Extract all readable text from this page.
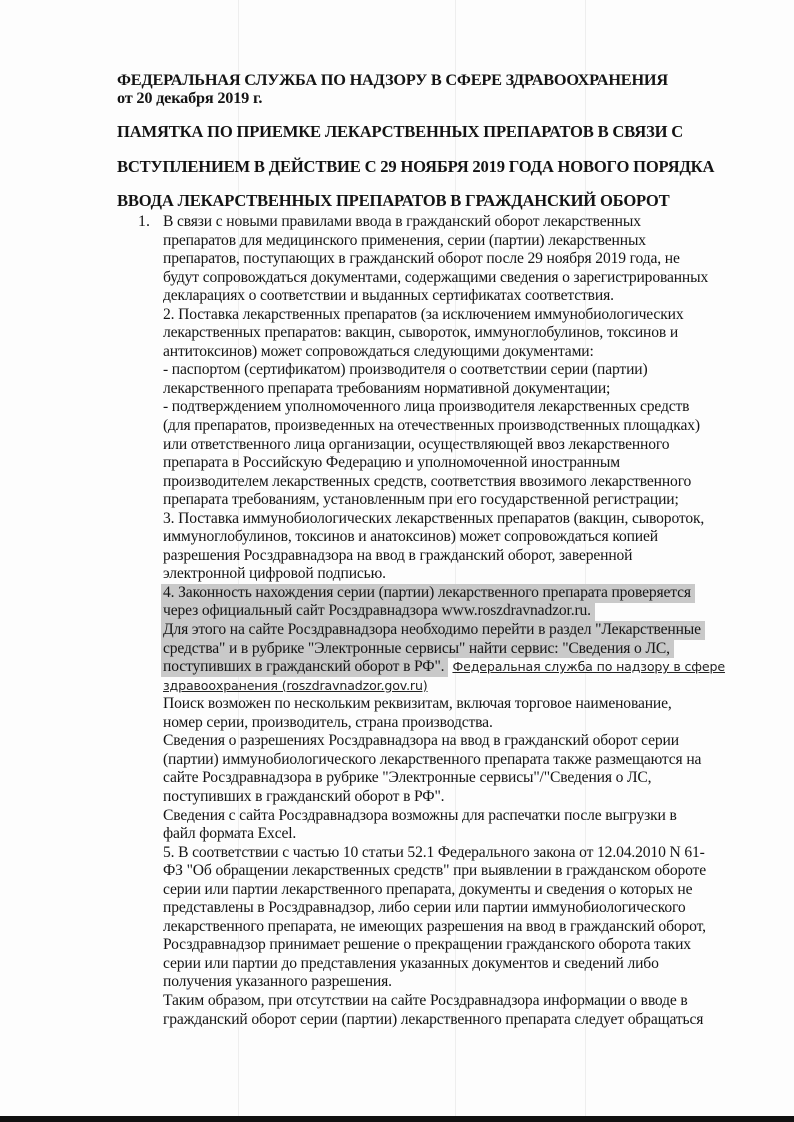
ФЕДЕРАЛЬНАЯ СЛУЖБА ПО НАДЗОРУ В СФЕРЕ ЗДРАВООХРАНЕНИЯ
от 20 декабря 2019 г.
ПАМЯТКА ПО ПРИЕМКЕ ЛЕКАРСТВЕННЫХ ПРЕПАРАТОВ В СВЯЗИ С
ВСТУПЛЕНИЕМ В ДЕЙСТВИЕ С 29 НОЯБРЯ 2019 ГОДА НОВОГО ПОРЯДКА
ВВОДА ЛЕКАРСТВЕННЫХ ПРЕПАРАТОВ В ГРАЖДАНСКИЙ ОБОРОТ
1. В связи с новыми правилами ввода в гражданский оборот лекарственных
препаратов для медицинского применения, серии (партии) лекарственных
препаратов, поступающих в гражданский оборот после 29 ноября 2019 года, не
будут сопровождаться документами, содержащими сведения о зарегистрированных
декларациях о соответствии и выданных сертификатах соответствия.
2. Поставка лекарственных препаратов (за исключением иммунобиологических
лекарственных препаратов: вакцин, сывороток, иммуноглобулинов, токсинов и
антитоксинов) может сопровождаться следующими документами:
- паспортом (сертификатом) производителя о соответствии серии (партии)
лекарственного препарата требованиям нормативной документации;
- подтверждением уполномоченного лица производителя лекарственных средств
(для препаратов, произведенных на отечественных производственных площадках)
или ответственного лица организации, осуществляющей ввоз лекарственного
препарата в Российскую Федерацию и уполномоченной иностранным
производителем лекарственных средств, соответствия ввозимого лекарственного
препарата требованиям, установленным при его государственной регистрации;
3. Поставка иммунобиологических лекарственных препаратов (вакцин, сывороток,
иммуноглобулинов, токсинов и анатоксинов) может сопровождаться копией
разрешения Росздравнадзора на ввод в гражданский оборот, заверенной
электронной цифровой подписью.
4. Законность нахождения серии (партии) лекарственного препарата проверяется
через официальный сайт Росздравнадзора www.roszdravnadzor.ru.
Для этого на сайте Росздравнадзора необходимо перейти в раздел "Лекарственные
средства" и в рубрике "Электронные сервисы" найти сервис: "Сведения о ЛС,
поступивших в гражданский оборот в РФ". Федеральная служба по надзору в сфере
здравоохранения (roszdravnadzor.gov.ru)
Поиск возможен по нескольким реквизитам, включая торговое наименование,
номер серии, производитель, страна производства.
Сведения о разрешениях Росздравнадзора на ввод в гражданский оборот серии
(партии) иммунобиологического лекарственного препарата также размещаются на
сайте Росздравнадзора в рубрике "Электронные сервисы"/"Сведения о ЛС,
поступивших в гражданский оборот в РФ".
Сведения с сайта Росздравнадзора возможны для распечатки после выгрузки в
файл формата Excel.
5. В соответствии с частью 10 статьи 52.1 Федерального закона от 12.04.2010 N 61-
ФЗ "Об обращении лекарственных средств" при выявлении в гражданском обороте
серии или партии лекарственного препарата, документы и сведения о которых не
представлены в Росздравнадзор, либо серии или партии иммунобиологического
лекарственного препарата, не имеющих разрешения на ввод в гражданский оборот,
Росздравнадзор принимает решение о прекращении гражданского оборота таких
серии или партии до представления указанных документов и сведений либо
получения указанного разрешения.
Таким образом, при отсутствии на сайте Росздравнадзора информации о вводе в
гражданский оборот серии (партии) лекарственного препарата следует обращаться
